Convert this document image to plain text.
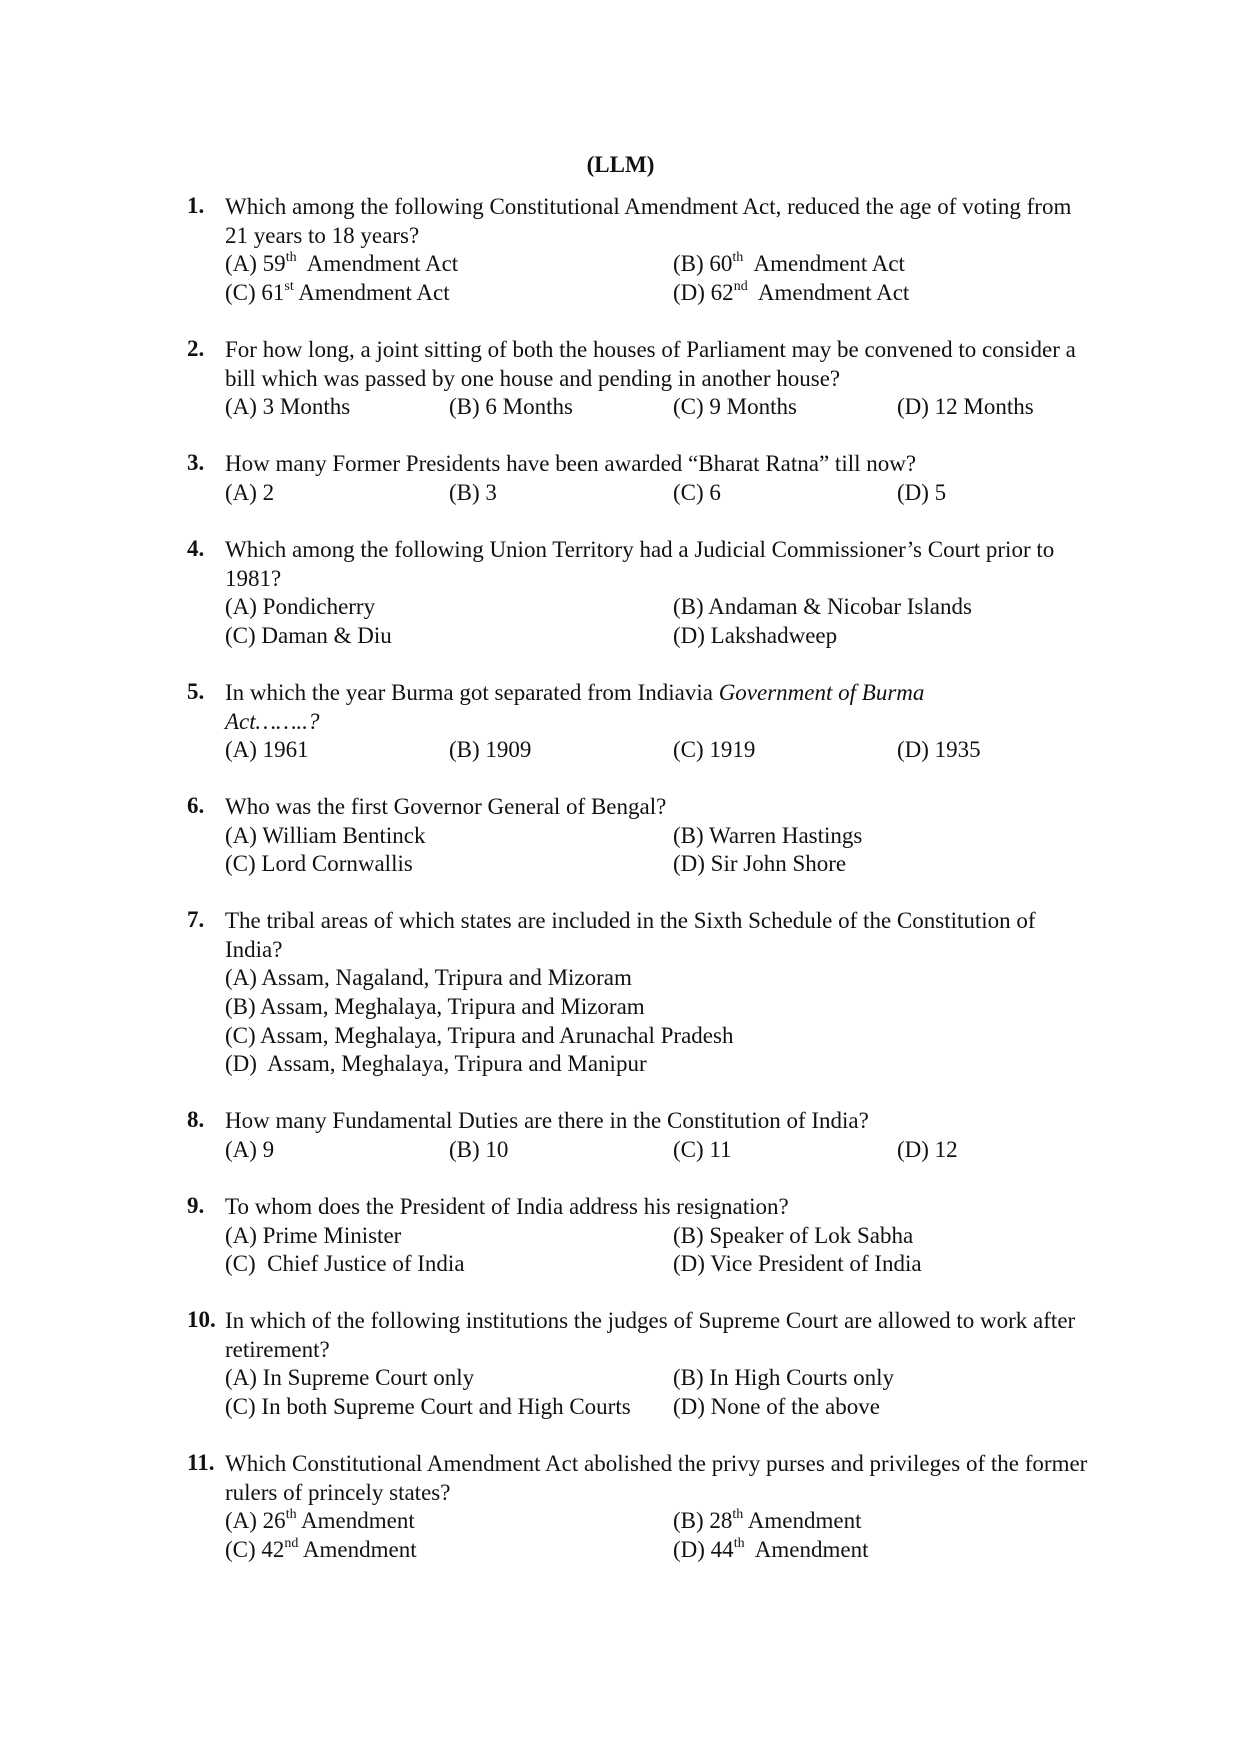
(LLM)
1. Which among the following Constitutional Amendment Act, reduced the age of voting from 21 years to 18 years?
(A) 59th  Amendment Act	(B) 60th  Amendment Act
(C) 61st Amendment Act	(D) 62nd  Amendment Act
2. For how long, a joint sitting of both the houses of Parliament may be convened to consider a bill which was passed by one house and pending in another house?
(A) 3 Months	(B) 6 Months	(C) 9 Months	(D) 12 Months
3. How many Former Presidents have been awarded “Bharat Ratna” till now?
(A) 2	(B) 3	(C) 6	(D) 5
4. Which among the following Union Territory had a Judicial Commissioner’s Court prior to 1981?
(A) Pondicherry	(B) Andaman & Nicobar Islands
(C) Daman & Diu	(D) Lakshadweep
5. In which the year Burma got separated from Indiavia Government of Burma Act……..?
(A) 1961	(B) 1909	(C) 1919	(D) 1935
6. Who was the first Governor General of Bengal?
(A) William Bentinck	(B) Warren Hastings
(C) Lord Cornwallis	(D) Sir John Shore
7. The tribal areas of which states are included in the Sixth Schedule of the Constitution of India?
(A) Assam, Nagaland, Tripura and Mizoram
(B) Assam, Meghalaya, Tripura and Mizoram
(C) Assam, Meghalaya, Tripura and Arunachal Pradesh
(D)  Assam, Meghalaya, Tripura and Manipur
8. How many Fundamental Duties are there in the Constitution of India?
(A) 9	(B) 10	(C) 11	(D) 12
9. To whom does the President of India address his resignation?
(A) Prime Minister	(B) Speaker of Lok Sabha
(C)  Chief Justice of India	(D) Vice President of India
10. In which of the following institutions the judges of Supreme Court are allowed to work after retirement?
(A) In Supreme Court only	(B) In High Courts only
(C) In both Supreme Court and High Courts (D) None of the above
11. Which Constitutional Amendment Act abolished the privy purses and privileges of the former rulers of princely states?
(A) 26th Amendment	(B) 28th Amendment
(C) 42nd Amendment	(D) 44th  Amendment
